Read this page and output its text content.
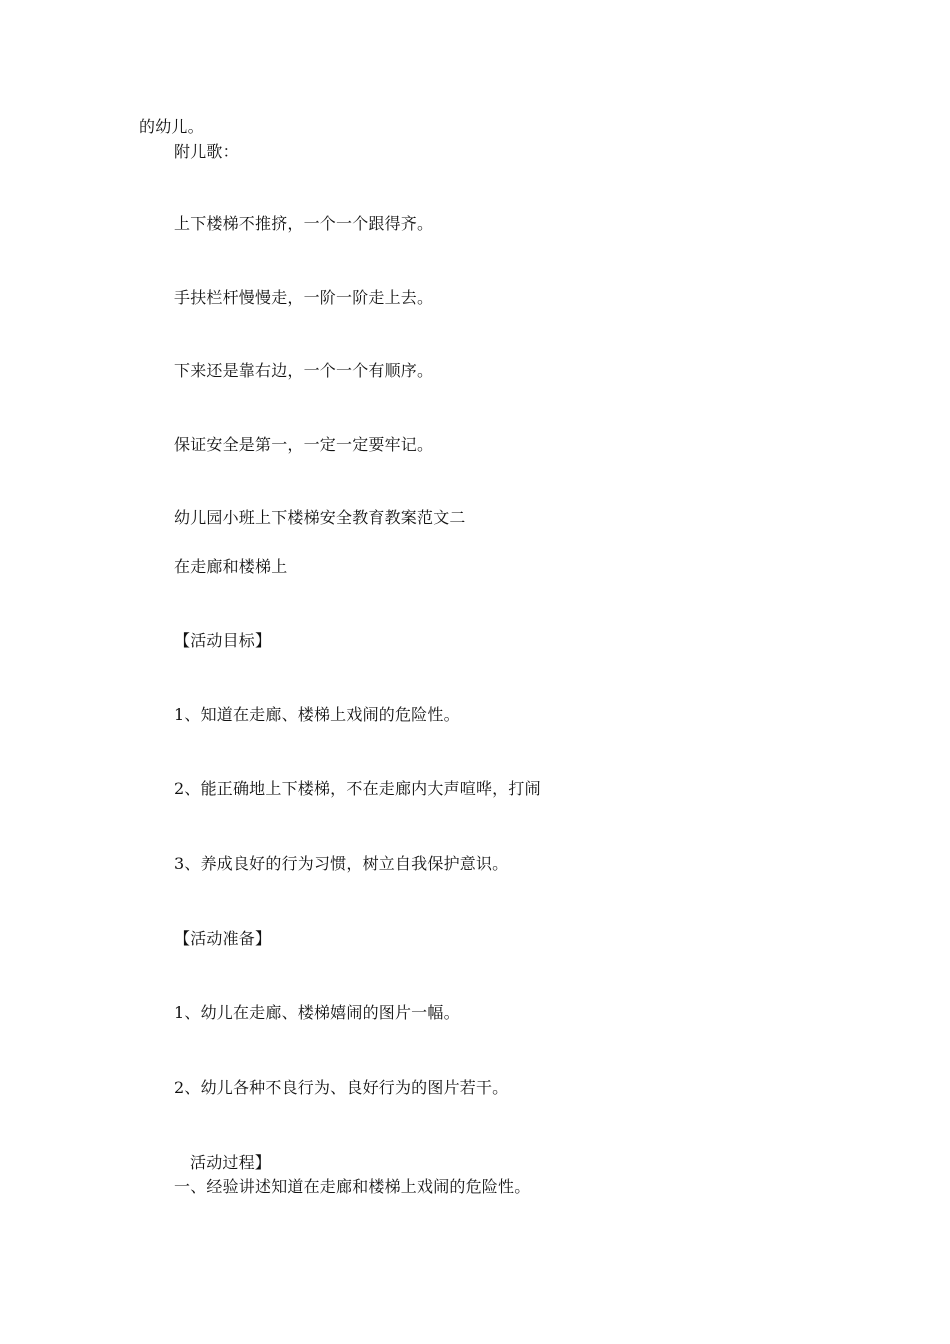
的幼儿。
附儿歌：
上下楼梯不推挤，一个一个跟得齐。
手扶栏杆慢慢走，一阶一阶走上去。
下来还是靠右边，一个一个有顺序。
保证安全是第一，一定一定要牢记。
幼儿园小班上下楼梯安全教育教案范文二
在走廊和楼梯上
【活动目标】
1、知道在走廊、楼梯上戏闹的危险性。
2、能正确地上下楼梯，不在走廊内大声喧哗，打闹
3、养成良好的行为习惯，树立自我保护意识。
【活动准备】
1、幼儿在走廊、楼梯嬉闹的图片一幅。
2、幼儿各种不良行为、良好行为的图片若干。
活动过程】
一、经验讲述知道在走廊和楼梯上戏闹的危险性。
